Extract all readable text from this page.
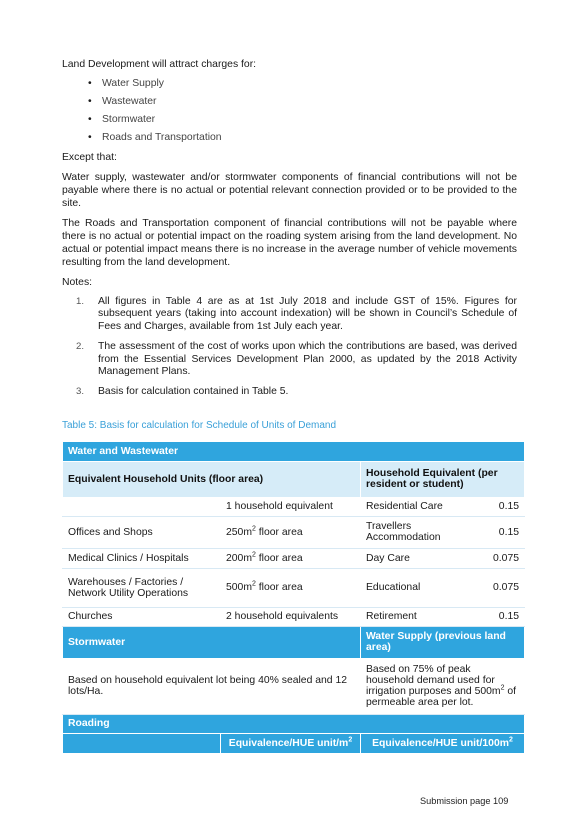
Land Development will attract charges for:

• Water Supply
• Wastewater
• Stormwater
• Roads and Transportation

Except that:

Water supply, wastewater and/or stormwater components of financial contributions will not be payable where there is no actual or potential relevant connection provided or to be provided to the site.

The Roads and Transportation component of financial contributions will not be payable where there is no actual or potential impact on the roading system arising from the land development. No actual or potential impact means there is no increase in the average number of vehicle movements resulting from the land development.

Notes:

1. All figures in Table 4 are as at 1st July 2018 and include GST of 15%. Figures for subsequent years (taking into account indexation) will be shown in Council’s Schedule of Fees and Charges, available from 1st July each year.
2. The assessment of the cost of works upon which the contributions are based, was derived from the Essential Services Development Plan 2000, as updated by the 2018 Activity Management Plans.
3. Basis for calculation contained in Table 5.

Table 5: Basis for calculation for Schedule of Units of Demand

Water and Wastewater			
Equivalent Household Units (floor area)		Household Equivalent (per resident or student)	
	1 household equivalent	Residential Care	0.15
Offices and Shops	$250m^2$ floor area	Travellers Accommodation	0.15
Medical Clinics / Hospitals	$200m^2$ floor area	Day Care	0.075
Warehouses / Factories / Network Utility Operations	$500m^2$ floor area	Educational	0.075
Churches	2 household equivalents	Retirement	0.15
Stormwater		Water Supply (previous land area)	
Based on household equivalent lot being 40% sealed and 12 lots/Ha.		Based on 75% of peak household demand used for irrigation purposes and $500m^2$ of permeable area per lot.	
Roading			
	Equivalence/HUE unit/$m^2$	Equivalence/HUE unit/$100m^2$
Submission page 109
